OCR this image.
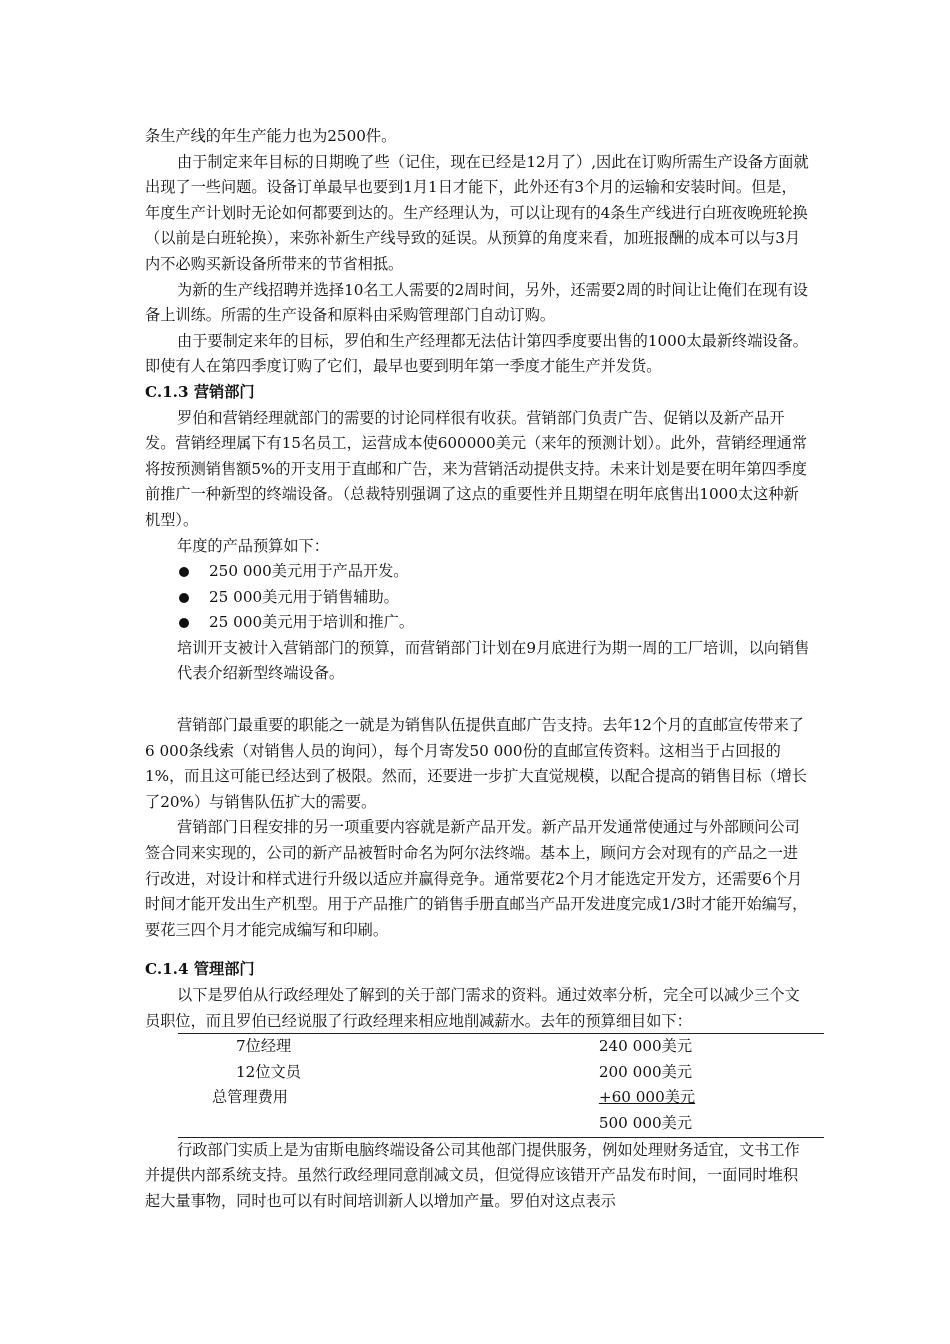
条生产线的年生产能力也为2500件。

由于制定来年目标的日期晚了些（记住，现在已经是12月了）,因此在订购所需生产设备方面就出现了一些问题。设备订单最早也要到1月1日才能下，此外还有3个月的运输和安装时间。但是，年度生产计划时无论如何都要到达的。生产经理认为，可以让现有的4条生产线进行白班夜晚班轮换（以前是白班轮换），来弥补新生产线导致的延误。从预算的角度来看，加班报酬的成本可以与3月内不必购买新设备所带来的节省相抵。

为新的生产线招聘并选择10名工人需要的2周时间，另外，还需要2周的时间让让俺们在现有设备上训练。所需的生产设备和原料由采购管理部门自动订购。

由于要制定来年的目标，罗伯和生产经理都无法估计第四季度要出售的1000太最新终端设备。即使有人在第四季度订购了它们，最早也要到明年第一季度才能生产并发货。

C.1.3 营销部门

罗伯和营销经理就部门的需要的讨论同样很有收获。营销部门负责广告、促销以及新产品开发。营销经理属下有15名员工，运营成本使600000美元（来年的预测计划）。此外，营销经理通常将按预测销售额5%的开支用于直邮和广告，来为营销活动提供支持。未来计划是要在明年第四季度前推广一种新型的终端设备。（总裁特别强调了这点的重要性并且期望在明年底售出1000太这种新机型）。

年度的产品预算如下：

250 000美元用于产品开发。
25 000美元用于销售辅助。
25 000美元用于培训和推广。

培训开支被计入营销部门的预算，而营销部门计划在9月底进行为期一周的工厂培训，以向销售代表介绍新型终端设备。

营销部门最重要的职能之一就是为销售队伍提供直邮广告支持。去年12个月的直邮宣传带来了6 000条线索（对销售人员的询问），每个月寄发50 000份的直邮宣传资料。这相当于占回报的1%，而且这可能已经达到了极限。然而，还要进一步扩大直觉规模，以配合提高的销售目标（增长了20%）与销售队伍扩大的需要。

营销部门日程安排的另一项重要内容就是新产品开发。新产品开发通常使通过与外部顾问公司签合同来实现的，公司的新产品被暂时命名为阿尔法终端。基本上，顾问方会对现有的产品之一进行改进，对设计和样式进行升级以适应并赢得竞争。通常要花2个月才能选定开发方，还需要6个月时间才能开发出生产机型。用于产品推广的销售手册直邮当产品开发进度完成1/3时才能开始编写，要花三四个月才能完成编写和印刷。

C.1.4 管理部门

以下是罗伯从行政经理处了解到的关于部门需求的资料。通过效率分析，完全可以减少三个文员职位，而且罗伯已经说服了行政经理来相应地削减薪水。去年的预算细目如下：

7位经理	240 000美元
12位文员	200 000美元
总管理费用	+60 000美元
	500 000美元

行政部门实质上是为宙斯电脑终端设备公司其他部门提供服务，例如处理财务适宜，文书工作并提供内部系统支持。虽然行政经理同意削减文员，但觉得应该错开产品发布时间，一面同时堆积起大量事物，同时也可以有时间培训新人以增加产量。罗伯对这点表示
